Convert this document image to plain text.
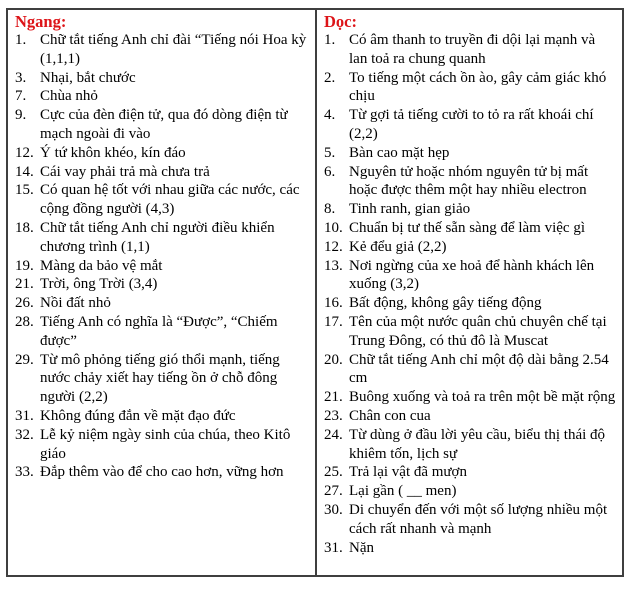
Ngang:
1. Chữ tắt tiếng Anh chỉ đài “Tiếng nói Hoa kỳ (1,1,1)
3. Nhại, bắt chước
7. Chùa nhỏ
9. Cực của đèn điện tử, qua đó dòng điện từ mạch ngoài đi vào
12. Ý tứ khôn khéo, kín đáo
14. Cái vay phải trả mà chưa trả
15. Có quan hệ tốt với nhau giữa các nước, các cộng đồng người (4,3)
18. Chữ tắt tiếng Anh chỉ người điều khiển chương trình (1,1)
19. Màng da bảo vệ mắt
21. Trời, ông Trời (3,4)
26. Nồi đất nhỏ
28. Tiếng Anh có nghĩa là “Được”, “Chiếm được”
29. Từ mô phỏng tiếng gió thổi mạnh, tiếng nước chảy xiết hay tiếng ồn ở chỗ đông người (2,2)
31. Không đúng đắn về mặt đạo đức
32. Lễ kỷ niệm ngày sinh của chúa, theo Kitô giáo
33. Đắp thêm vào để cho cao hơn, vững hơn
Dọc:
1. Có âm thanh to truyền đi dội lại mạnh và lan toả ra chung quanh
2. To tiếng một cách ồn ào, gây cảm giác khó chịu
4. Từ gợi tả tiếng cười to tỏ ra rất khoái chí (2,2)
5. Bàn cao mặt hẹp
6. Nguyên tử hoặc nhóm nguyên tử bị mất hoặc được thêm một hay nhiều electron
8. Tinh ranh, gian giảo
10. Chuẩn bị tư thế sẵn sàng để làm việc gì
12. Kẻ đểu giả (2,2)
13. Nơi ngừng của xe hoả để hành khách lên xuống (3,2)
16. Bất động, không gây tiếng động
17. Tên của một nước quân chủ chuyên chế tại Trung Đông, có thủ đô là Muscat
20. Chữ tắt tiếng Anh chỉ một độ dài bằng 2.54 cm
21. Buông xuống và toả ra trên một bề mặt rộng
23. Chân con cua
24. Từ dùng ở đầu lời yêu cầu, biểu thị thái độ khiêm tốn, lịch sự
25. Trả lại vật đã mượn
27. Lại gần ( __ men)
30. Di chuyển đến với một số lượng nhiều một cách rất nhanh và mạnh
31. Nặn
